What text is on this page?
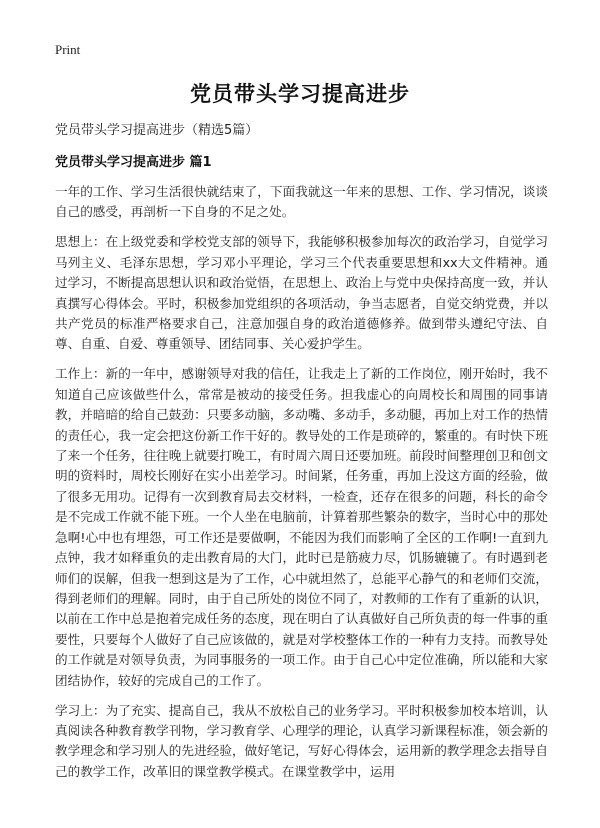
Print
党员带头学习提高进步
党员带头学习提高进步（精选5篇）
党员带头学习提高进步 篇1

一年的工作、学习生活很快就结束了，下面我就这一年来的思想、工作、学习情况，谈谈自己的感受，再剖析一下自身的不足之处。

思想上：在上级党委和学校党支部的领导下，我能够积极参加每次的政治学习，自觉学习马列主义、毛泽东思想，学习邓小平理论，学习三个代表重要思想和xx大文件精神。通过学习，不断提高思想认识和政治觉悟，在思想上、政治上与党中央保持高度一致，并认真撰写心得体会。平时，积极参加党组织的各项活动，争当志愿者，自觉交纳党费，并以共产党员的标准严格要求自己，注意加强自身的政治道德修养。做到带头遵纪守法、自尊、自重、自爱、尊重领导、团结同事、关心爱护学生。

工作上：新的一年中，感谢领导对我的信任，让我走上了新的工作岗位，刚开始时，我不知道自己应该做些什么，常常是被动的接受任务。担我虚心的向周校长和周围的同事请教，并暗暗的给自己鼓劲：只要多动脑，多动嘴、多动手，多动腿，再加上对工作的热情的责任心，我一定会把这份新工作干好的。教导处的工作是琐碎的，繁重的。有时快下班了来一个任务，往往晚上就要打晚工，有时周六周日还要加班。前段时间整理创卫和创文明的资料时，周校长刚好在实小出差学习。时间紧，任务重，再加上没这方面的经验，做了很多无用功。记得有一次到教育局去交材料，一检查，还存在很多的问题，科长的命令是不完成工作就不能下班。一个人坐在电脑前，计算着那些繁杂的数字，当时心中的那处急啊!心中也有埋怨，可工作还是要做啊，不能因为我们而影响了全区的工作啊!一直到九点钟，我才如释重负的走出教育局的大门，此时已是筋疲力尽，饥肠辘辘了。有时遇到老师们的误解，但我一想到这是为了工作，心中就坦然了，总能平心静气的和老师们交流，得到老师们的理解。同时，由于自己所处的岗位不同了，对教师的工作有了重新的认识，以前在工作中总是抱着完成任务的态度，现在明白了认真做好自己所负责的每一件事的重要性，只要每个人做好了自己应该做的，就是对学校整体工作的一种有力支持。而教导处的工作就是对领导负责，为同事服务的一项工作。由于自己心中定位准确，所以能和大家团结协作，较好的完成自己的工作了。

学习上：为了充实、提高自己，我从不放松自己的业务学习。平时积极参加校本培训，认真阅读各种教育教学刊物，学习教育学、心理学的理论，认真学习新课程标准，领会新的教学理念和学习别人的先进经验，做好笔记，写好心得体会，运用新的教学理念去指导自己的教学工作，改革旧的课堂教学模式。在课堂教学中，运用
